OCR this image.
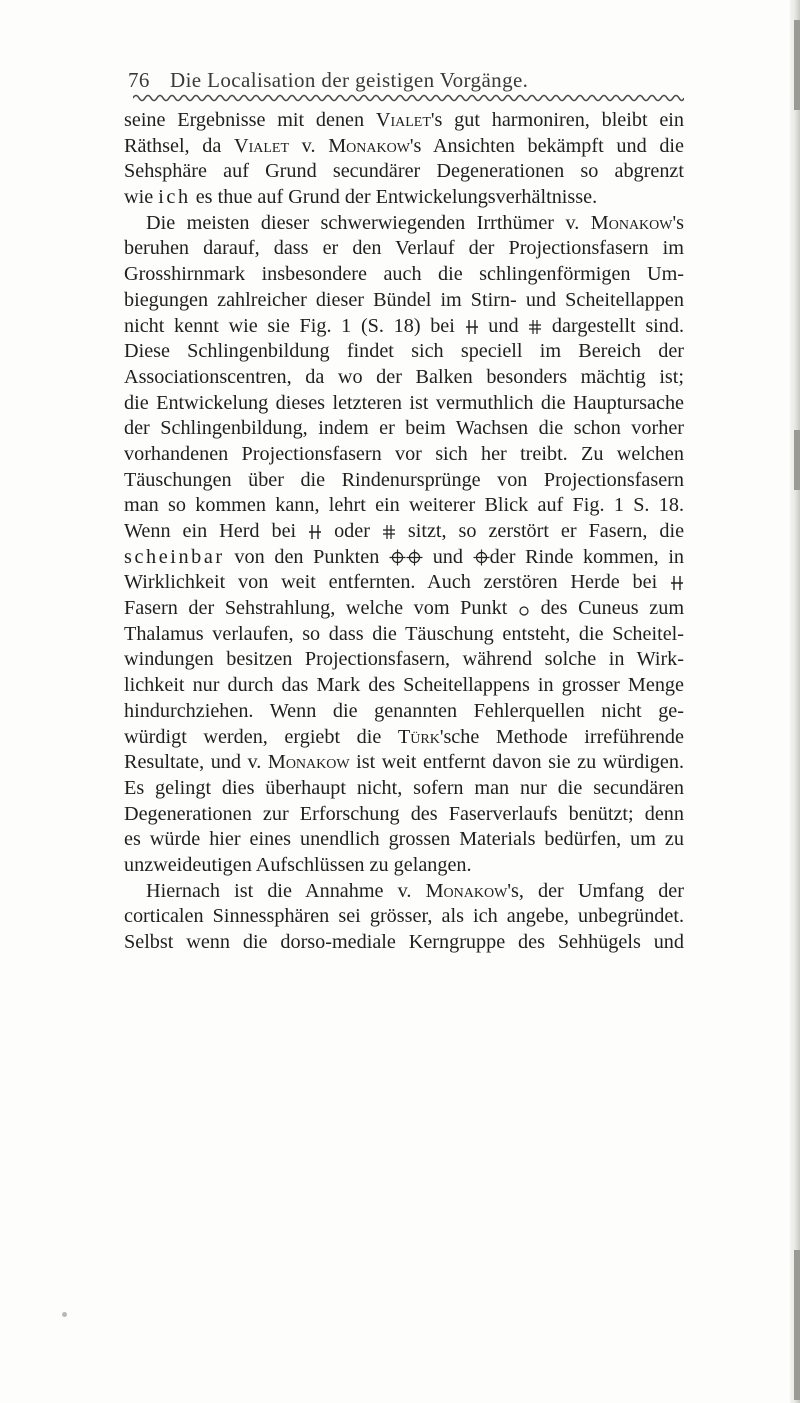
76 Die Localisation der geistigen Vorgänge.
seine Ergebnisse mit denen Vialet's gut harmoniren, bleibt ein
Räthsel, da Vialet v. Monakow's Ansichten bekämpft und die
Sehsphäre auf Grund secundärer Degenerationen so abgrenzt
wie ich es thue auf Grund der Entwickelungsverhältnisse.
Die meisten dieser schwerwiegenden Irrthümer v. Monakow's
beruhen darauf, dass er den Verlauf der Projectionsfasern im
Grosshirnmark insbesondere auch die schlingenförmigen Um-
biegungen zahlreicher dieser Bündel im Stirn- und Scheitellappen
nicht kennt wie sie Fig. 1 (S. 18) bei und dargestellt sind.
Diese Schlingenbildung findet sich speciell im Bereich der
Associationscentren, da wo der Balken besonders mächtig ist;
die Entwickelung dieses letzteren ist vermuthlich die Hauptursache
der Schlingenbildung, indem er beim Wachsen die schon vorher
vorhandenen Projectionsfasern vor sich her treibt. Zu welchen
Täuschungen über die Rindenursprünge von Projectionsfasern
man so kommen kann, lehrt ein weiterer Blick auf Fig. 1 S. 18.
Wenn ein Herd bei oder sitzt, so zerstört er Fasern, die
scheinbar von den Punkten	und der Rinde kommen, in
Wirklichkeit von weit entfernten. Auch zerstören Herde bei
Fasern der Sehstrahlung, welche vom Punkt des Cuneus zum
Thalamus verlaufen, so dass die Täuschung entsteht, die Scheitel-
windungen besitzen Projectionsfasern, während solche in Wirk-
lichkeit nur durch das Mark des Scheitellappens in grosser Menge
hindurchziehen. Wenn die genannten Fehlerquellen nicht ge-
würdigt werden, ergiebt die Türk'sche Methode irreführende
Resultate, und v. Monakow ist weit entfernt davon sie zu würdigen.
Es gelingt dies überhaupt nicht, sofern man nur die secundären
Degenerationen zur Erforschung des Faserverlaufs benützt; denn
es würde hier eines unendlich grossen Materials bedürfen, um zu
unzweideutigen Aufschlüssen zu gelangen.
Hiernach ist die Annahme v. Monakow's, der Umfang der
corticalen Sinnessphären sei grösser, als ich angebe, unbegründet.
Selbst wenn die dorso-mediale Kerngruppe des Sehhügels und
